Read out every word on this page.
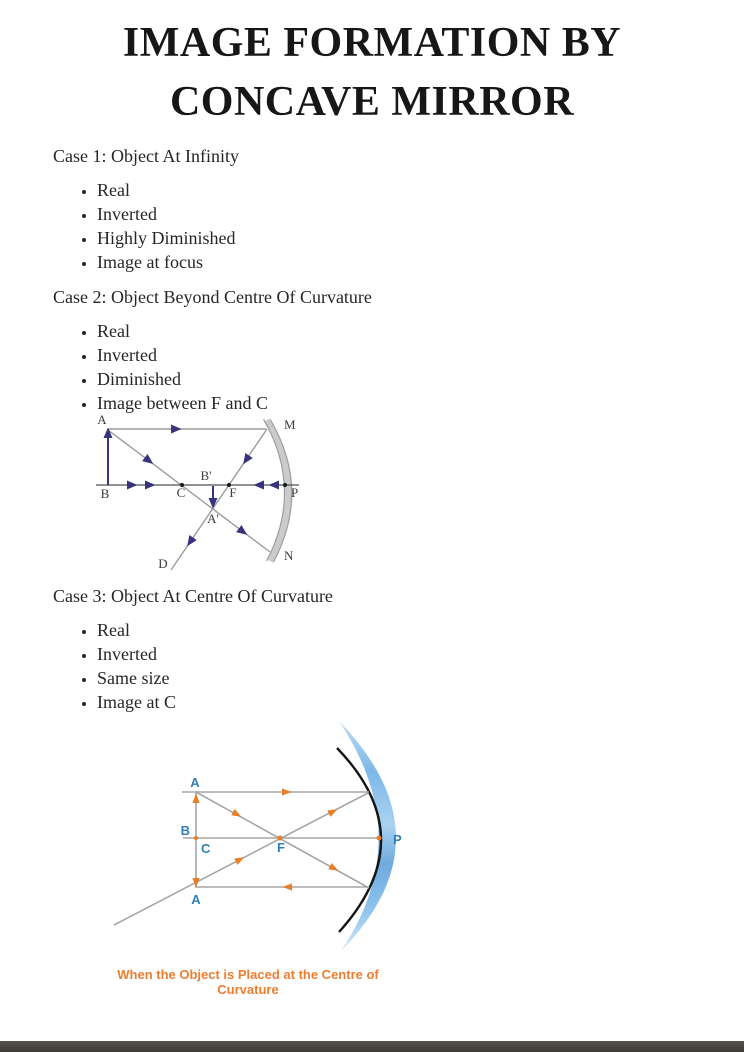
IMAGE FORMATION BY
CONCAVE MIRROR
Case 1: Object At Infinity
• Real
• Inverted
• Highly Diminished
• Image at focus
Case 2: Object Beyond Centre Of Curvature
• Real
• Inverted
• Diminished
• Image between F and C
A
B	C
B'
F	P
M
N
A'
D
Case 3: Object At Centre Of Curvature
• Real
• Inverted
• Same size
• Image at C
A
B
C	F
P
A
When the Object is Placed at the Centre of Curvature
